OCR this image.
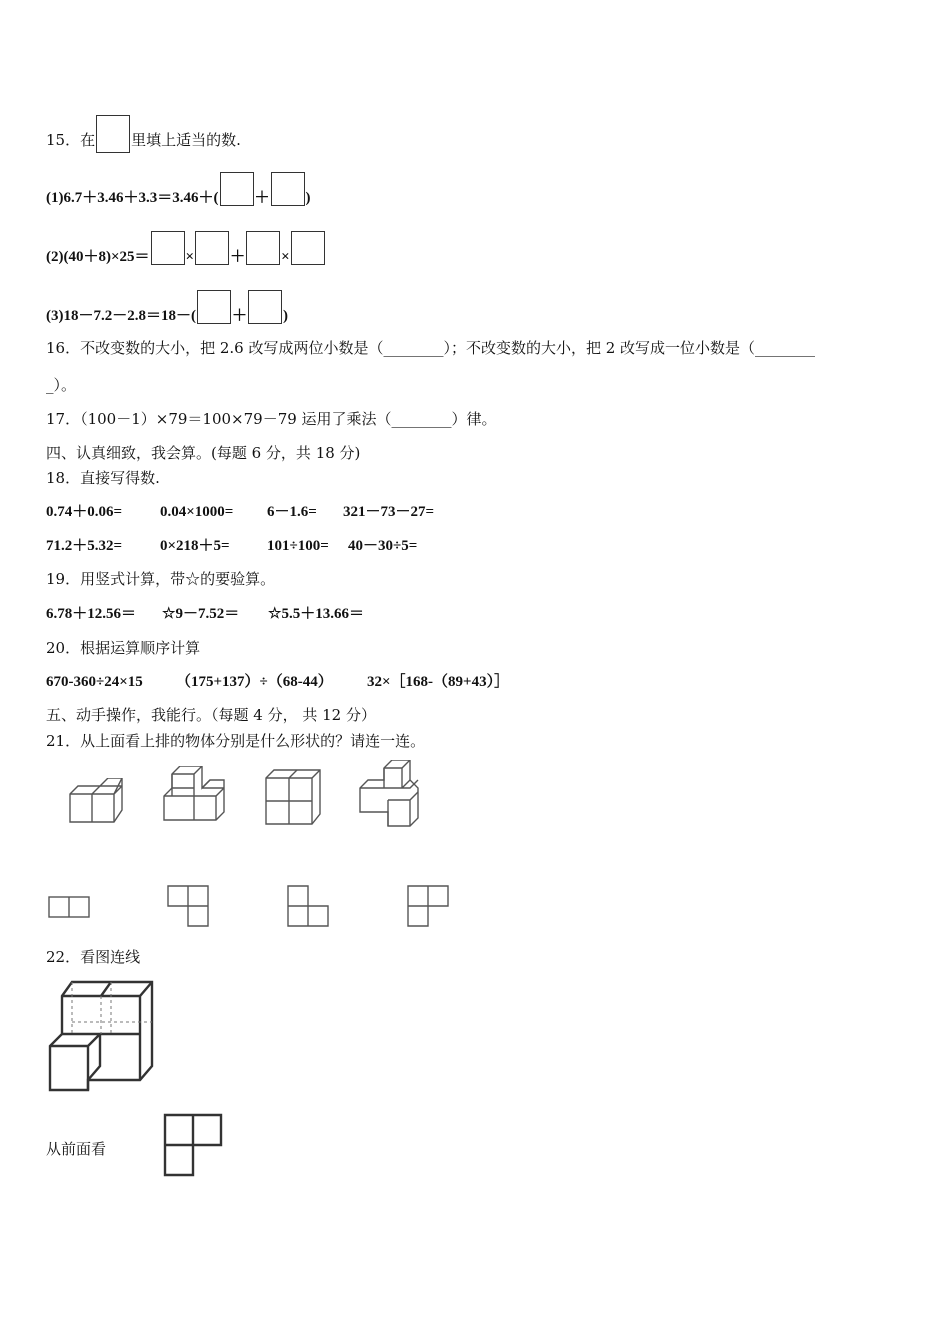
15．在 里填上适当的数.
(1)6.7＋3.46＋3.3＝3.46＋( ＋ )
(2)(40＋8)×25＝ × ＋ ×
(3)18－7.2－2.8＝18－( ＋ )
16．不改变数的大小，把 2.6 改写成两位小数是（________）；不改变数的大小，把 2 改写成一位小数是（________
_）。
17．（100－1）×79＝100×79－79 运用了乘法（________）律。
四、认真细致，我会算。(每题 6 分，共 18 分)
18．直接写得数.
0.74＋0.06=	0.04×1000= 6－1.6= 321－73－27=
71.2＋5.32=	0×218＋5= 101÷100= 40－30÷5=
19．用竖式计算，带☆的要验算。
6.78＋12.56＝ ☆9－7.52＝ ☆5.5＋13.66＝
20．根据运算顺序计算
670-360÷24×15 （175+137）÷（68-44） 32×［168-（89+43）］
五、动手操作，我能行。（每题 4 分， 共 12 分）
21．从上面看上排的物体分别是什么形状的？请连一连。
22．看图连线
从前面看
